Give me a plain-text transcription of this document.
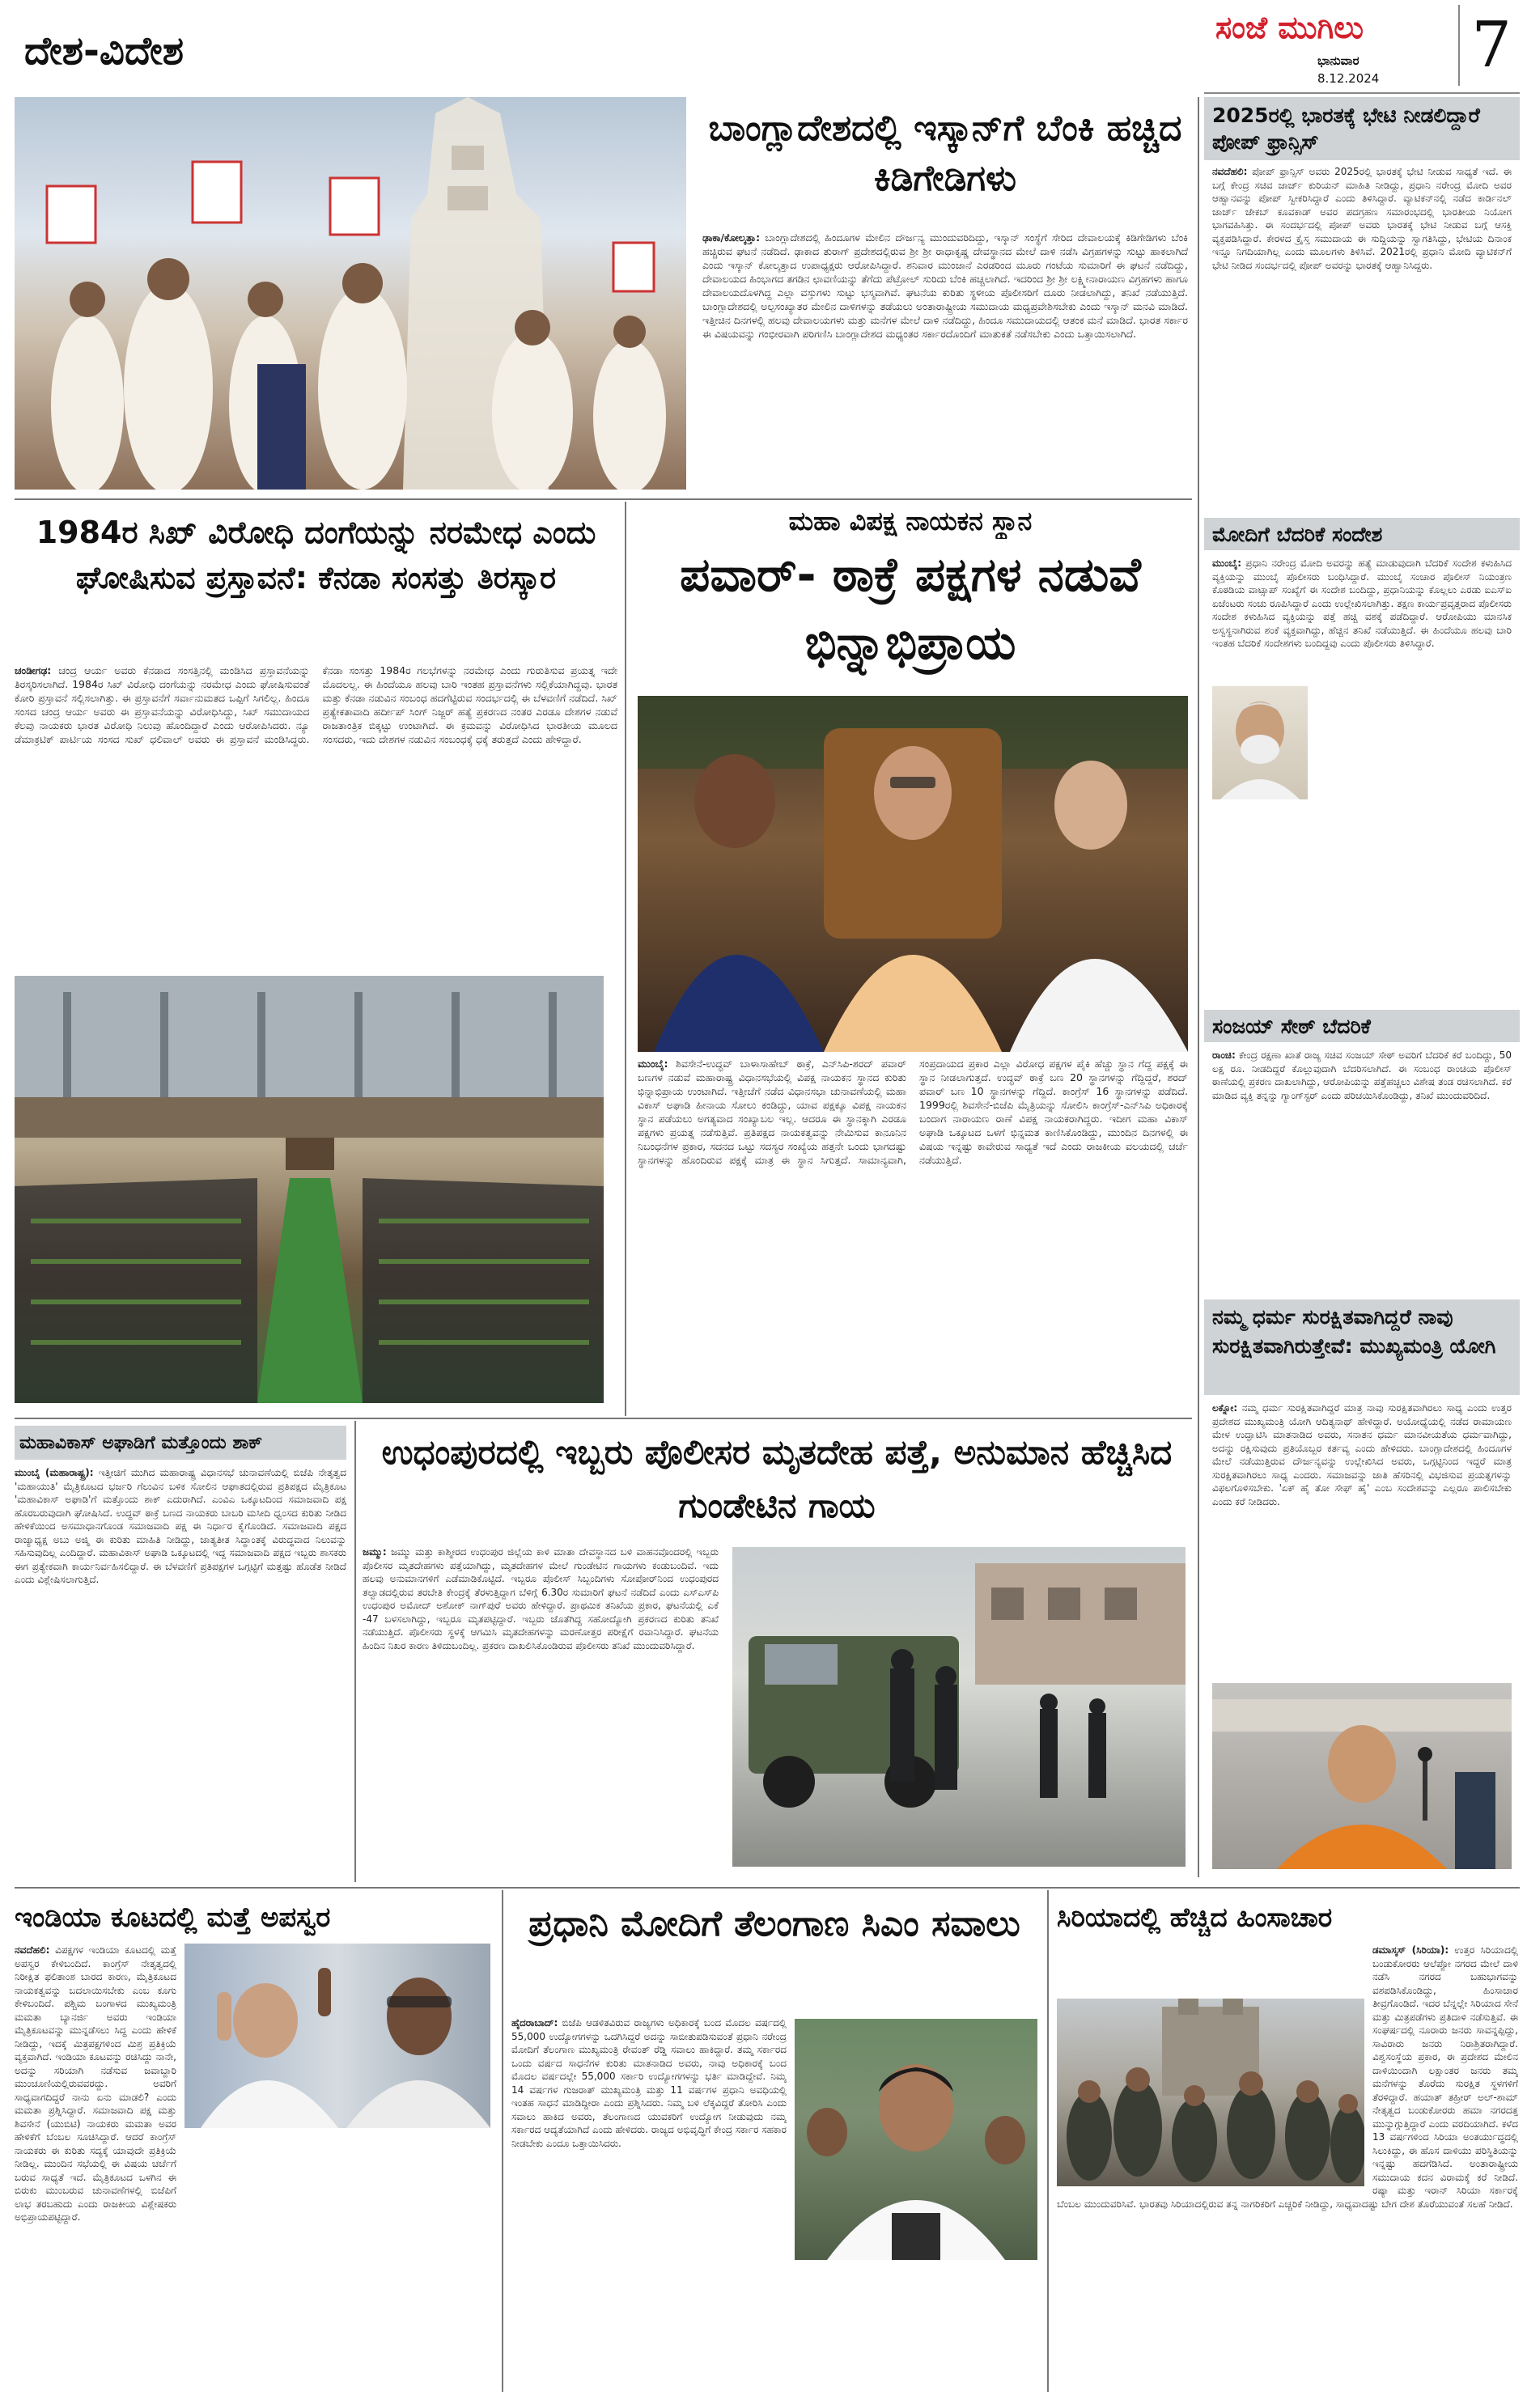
ದೇಶ-ವಿದೇಶ
ಸಂಜೆ ಮುಗಿಲು
ಭಾನುವಾರ
8.12.2024 7
ಬಾಂಗ್ಲಾದೇಶದಲ್ಲಿ ಇಸ್ಕಾನ್‌ಗೆ ಬೆಂಕಿ ಹಚ್ಚಿದ ಕಿಡಿಗೇಡಿಗಳು
ಢಾಕಾ/ಕೋಲ್ಕತ್ತಾ: ಬಾಂಗ್ಲಾದೇಶದಲ್ಲಿ ಹಿಂದೂಗಳ ಮೇಲಿನ ದೌರ್ಜನ್ಯ ಮುಂದುವರಿದಿದ್ದು, ಇಸ್ಕಾನ್ ಸಂಸ್ಥೆಗೆ ಸೇರಿದ ದೇವಾಲಯಕ್ಕೆ ಕಿಡಿಗೇಡಿಗಳು ಬೆಂಕಿ ಹಚ್ಚಿರುವ ಘಟನೆ ನಡೆದಿದೆ. ಢಾಕಾದ ತುರಾಗ್ ಪ್ರದೇಶದಲ್ಲಿರುವ ಶ್ರೀ ಶ್ರೀ ರಾಧಾಕೃಷ್ಣ ದೇವಸ್ಥಾನದ ಮೇಲೆ ದಾಳಿ ನಡೆಸಿ ವಿಗ್ರಹಗಳನ್ನು ಸುಟ್ಟು ಹಾಕಲಾಗಿದೆ ಎಂದು ಇಸ್ಕಾನ್ ಕೋಲ್ಕತ್ತಾದ ಉಪಾಧ್ಯಕ್ಷರು ಆರೋಪಿಸಿದ್ದಾರೆ. ಶನಿವಾರ ಮುಂಜಾನೆ ಎರಡರಿಂದ ಮೂರು ಗಂಟೆಯ ಸುಮಾರಿಗೆ ಈ ಘಟನೆ ನಡೆದಿದ್ದು, ದೇವಾಲಯದ ಹಿಂಭಾಗದ ತಗಡಿನ ಛಾವಣಿಯನ್ನು ತೆಗೆದು ಪೆಟ್ರೋಲ್ ಸುರಿದು ಬೆಂಕಿ ಹಚ್ಚಲಾಗಿದೆ. ಇದರಿಂದ ಶ್ರೀ ಶ್ರೀ ಲಕ್ಷ್ಮೀನಾರಾಯಣ ವಿಗ್ರಹಗಳು ಹಾಗೂ ದೇವಾಲಯದೊಳಗಿದ್ದ ಎಲ್ಲಾ ವಸ್ತುಗಳು ಸುಟ್ಟು ಭಸ್ಮವಾಗಿವೆ. ಘಟನೆಯ ಕುರಿತು ಸ್ಥಳೀಯ ಪೊಲೀಸರಿಗೆ ದೂರು ನೀಡಲಾಗಿದ್ದು, ತನಿಖೆ ನಡೆಯುತ್ತಿದೆ. ಬಾಂಗ್ಲಾದೇಶದಲ್ಲಿ ಅಲ್ಪಸಂಖ್ಯಾತರ ಮೇಲಿನ ದಾಳಿಗಳನ್ನು ತಡೆಯಲು ಅಂತಾರಾಷ್ಟ್ರೀಯ ಸಮುದಾಯ ಮಧ್ಯಪ್ರವೇಶಿಸಬೇಕು ಎಂದು ಇಸ್ಕಾನ್ ಮನವಿ ಮಾಡಿದೆ. ಇತ್ತೀಚಿನ ದಿನಗಳಲ್ಲಿ ಹಲವು ದೇವಾಲಯಗಳು ಮತ್ತು ಮನೆಗಳ ಮೇಲೆ ದಾಳಿ ನಡೆದಿದ್ದು, ಹಿಂದೂ ಸಮುದಾಯದಲ್ಲಿ ಆತಂಕ ಮನೆ ಮಾಡಿದೆ. ಭಾರತ ಸರ್ಕಾರ ಈ ವಿಷಯವನ್ನು ಗಂಭೀರವಾಗಿ ಪರಿಗಣಿಸಿ ಬಾಂಗ್ಲಾದೇಶದ ಮಧ್ಯಂತರ ಸರ್ಕಾರದೊಂದಿಗೆ ಮಾತುಕತೆ ನಡೆಸಬೇಕು ಎಂದು ಒತ್ತಾಯಿಸಲಾಗಿದೆ.
2025ರಲ್ಲಿ ಭಾರತಕ್ಕೆ ಭೇಟಿ ನೀಡಲಿದ್ದಾರೆ ಪೋಪ್ ಫ್ರಾನ್ಸಿಸ್
ನವದೆಹಲಿ: ಪೋಪ್ ಫ್ರಾನ್ಸಿಸ್ ಅವರು 2025ರಲ್ಲಿ ಭಾರತಕ್ಕೆ ಭೇಟಿ ನೀಡುವ ಸಾಧ್ಯತೆ ಇದೆ. ಈ ಬಗ್ಗೆ ಕೇಂದ್ರ ಸಚಿವ ಜಾರ್ಜ್ ಕುರಿಯನ್ ಮಾಹಿತಿ ನೀಡಿದ್ದು, ಪ್ರಧಾನಿ ನರೇಂದ್ರ ಮೋದಿ ಅವರ ಆಹ್ವಾನವನ್ನು ಪೋಪ್ ಸ್ವೀಕರಿಸಿದ್ದಾರೆ ಎಂದು ತಿಳಿಸಿದ್ದಾರೆ. ವ್ಯಾಟಿಕನ್‌ನಲ್ಲಿ ನಡೆದ ಕಾರ್ಡಿನಲ್ ಜಾರ್ಜ್ ಜೇಕಬ್ ಕೂವಕಾಡ್ ಅವರ ಪದಗ್ರಹಣ ಸಮಾರಂಭದಲ್ಲಿ ಭಾರತೀಯ ನಿಯೋಗ ಭಾಗವಹಿಸಿತ್ತು. ಈ ಸಂದರ್ಭದಲ್ಲಿ ಪೋಪ್ ಅವರು ಭಾರತಕ್ಕೆ ಭೇಟಿ ನೀಡುವ ಬಗ್ಗೆ ಆಸಕ್ತಿ ವ್ಯಕ್ತಪಡಿಸಿದ್ದಾರೆ. ಕೇರಳದ ಕ್ರೈಸ್ತ ಸಮುದಾಯ ಈ ಸುದ್ದಿಯನ್ನು ಸ್ವಾಗತಿಸಿದ್ದು, ಭೇಟಿಯ ದಿನಾಂಕ ಇನ್ನೂ ನಿಗದಿಯಾಗಿಲ್ಲ ಎಂದು ಮೂಲಗಳು ತಿಳಿಸಿವೆ. 2021ರಲ್ಲಿ ಪ್ರಧಾನಿ ಮೋದಿ ವ್ಯಾಟಿಕನ್‌ಗೆ ಭೇಟಿ ನೀಡಿದ ಸಂದರ್ಭದಲ್ಲಿ ಪೋಪ್ ಅವರನ್ನು ಭಾರತಕ್ಕೆ ಆಹ್ವಾನಿಸಿದ್ದರು.
ಮೋದಿಗೆ ಬೆದರಿಕೆ ಸಂದೇಶ
ಮುಂಬೈ: ಪ್ರಧಾನಿ ನರೇಂದ್ರ ಮೋದಿ ಅವರನ್ನು ಹತ್ಯೆ ಮಾಡುವುದಾಗಿ ಬೆದರಿಕೆ ಸಂದೇಶ ಕಳುಹಿಸಿದ ವ್ಯಕ್ತಿಯನ್ನು ಮುಂಬೈ ಪೊಲೀಸರು ಬಂಧಿಸಿದ್ದಾರೆ. ಮುಂಬೈ ಸಂಚಾರ ಪೊಲೀಸ್ ನಿಯಂತ್ರಣ ಕೊಠಡಿಯ ವಾಟ್ಸಾಪ್ ಸಂಖ್ಯೆಗೆ ಈ ಸಂದೇಶ ಬಂದಿದ್ದು, ಪ್ರಧಾನಿಯನ್ನು ಕೊಲ್ಲಲು ಎರಡು ಐಎಸ್‌ಐ ಏಜೆಂಟರು ಸಂಚು ರೂಪಿಸಿದ್ದಾರೆ ಎಂದು ಉಲ್ಲೇಖಿಸಲಾಗಿತ್ತು. ತಕ್ಷಣ ಕಾರ್ಯಪ್ರವೃತ್ತರಾದ ಪೊಲೀಸರು ಸಂದೇಶ ಕಳುಹಿಸಿದ ವ್ಯಕ್ತಿಯನ್ನು ಪತ್ತೆ ಹಚ್ಚಿ ವಶಕ್ಕೆ ಪಡೆದಿದ್ದಾರೆ. ಆರೋಪಿಯು ಮಾನಸಿಕ ಅಸ್ವಸ್ಥನಾಗಿರುವ ಶಂಕೆ ವ್ಯಕ್ತವಾಗಿದ್ದು, ಹೆಚ್ಚಿನ ತನಿಖೆ ನಡೆಯುತ್ತಿದೆ. ಈ ಹಿಂದೆಯೂ ಹಲವು ಬಾರಿ ಇಂತಹ ಬೆದರಿಕೆ ಸಂದೇಶಗಳು ಬಂದಿದ್ದವು ಎಂದು ಪೊಲೀಸರು ತಿಳಿಸಿದ್ದಾರೆ.
ಸಂಜಯ್ ಸೇಠ್ ಬೆದರಿಕೆ
ರಾಂಚಿ: ಕೇಂದ್ರ ರಕ್ಷಣಾ ಖಾತೆ ರಾಜ್ಯ ಸಚಿವ ಸಂಜಯ್ ಸೇಠ್ ಅವರಿಗೆ ಬೆದರಿಕೆ ಕರೆ ಬಂದಿದ್ದು, 50 ಲಕ್ಷ ರೂ. ನೀಡದಿದ್ದರೆ ಕೊಲ್ಲುವುದಾಗಿ ಬೆದರಿಸಲಾಗಿದೆ. ಈ ಸಂಬಂಧ ರಾಂಚಿಯ ಪೊಲೀಸ್ ಠಾಣೆಯಲ್ಲಿ ಪ್ರಕರಣ ದಾಖಲಾಗಿದ್ದು, ಆರೋಪಿಯನ್ನು ಪತ್ತೆಹಚ್ಚಲು ವಿಶೇಷ ತಂಡ ರಚಿಸಲಾಗಿದೆ. ಕರೆ ಮಾಡಿದ ವ್ಯಕ್ತಿ ತನ್ನನ್ನು ಗ್ಯಾಂಗ್‌ಸ್ಟರ್ ಎಂದು ಪರಿಚಯಿಸಿಕೊಂಡಿದ್ದು, ತನಿಖೆ ಮುಂದುವರಿದಿದೆ.
ನಮ್ಮ ಧರ್ಮ ಸುರಕ್ಷಿತವಾಗಿದ್ದರೆ ನಾವು ಸುರಕ್ಷಿತವಾಗಿರುತ್ತೇವೆ: ಮುಖ್ಯಮಂತ್ರಿ ಯೋಗಿ
ಲಕ್ನೋ: ನಮ್ಮ ಧರ್ಮ ಸುರಕ್ಷಿತವಾಗಿದ್ದರೆ ಮಾತ್ರ ನಾವು ಸುರಕ್ಷಿತವಾಗಿರಲು ಸಾಧ್ಯ ಎಂದು ಉತ್ತರ ಪ್ರದೇಶದ ಮುಖ್ಯಮಂತ್ರಿ ಯೋಗಿ ಆದಿತ್ಯನಾಥ್ ಹೇಳಿದ್ದಾರೆ. ಅಯೋಧ್ಯೆಯಲ್ಲಿ ನಡೆದ ರಾಮಾಯಣ ಮೇಳ ಉದ್ಘಾಟಿಸಿ ಮಾತನಾಡಿದ ಅವರು, ಸನಾತನ ಧರ್ಮ ಮಾನವೀಯತೆಯ ಧರ್ಮವಾಗಿದ್ದು, ಅದನ್ನು ರಕ್ಷಿಸುವುದು ಪ್ರತಿಯೊಬ್ಬರ ಕರ್ತವ್ಯ ಎಂದು ಹೇಳಿದರು. ಬಾಂಗ್ಲಾದೇಶದಲ್ಲಿ ಹಿಂದೂಗಳ ಮೇಲೆ ನಡೆಯುತ್ತಿರುವ ದೌರ್ಜನ್ಯವನ್ನು ಉಲ್ಲೇಖಿಸಿದ ಅವರು, ಒಗ್ಗಟ್ಟಿನಿಂದ ಇದ್ದರೆ ಮಾತ್ರ ಸುರಕ್ಷಿತವಾಗಿರಲು ಸಾಧ್ಯ ಎಂದರು. ಸಮಾಜವನ್ನು ಜಾತಿ ಹೆಸರಿನಲ್ಲಿ ವಿಭಜಿಸುವ ಪ್ರಯತ್ನಗಳನ್ನು ವಿಫಲಗೊಳಿಸಬೇಕು. 'ಏಕ್ ಹೈ ತೋ ಸೇಫ್ ಹೈ' ಎಂಬ ಸಂದೇಶವನ್ನು ಎಲ್ಲರೂ ಪಾಲಿಸಬೇಕು ಎಂದು ಕರೆ ನೀಡಿದರು.
1984ರ ಸಿಖ್ ವಿರೋಧಿ ದಂಗೆಯನ್ನು ನರಮೇಧ ಎಂದು ಘೋಷಿಸುವ ಪ್ರಸ್ತಾವನೆ: ಕೆನಡಾ ಸಂಸತ್ತು ತಿರಸ್ಕಾರ
ಚಂಡೀಗಢ: ಚಂದ್ರ ಆರ್ಯ ಅವರು ಕೆನಡಾದ ಸಂಸತ್ತಿನಲ್ಲಿ ಮಂಡಿಸಿದ ಪ್ರಸ್ತಾವನೆಯನ್ನು ತಿರಸ್ಕರಿಸಲಾಗಿದೆ. 1984ರ ಸಿಖ್ ವಿರೋಧಿ ದಂಗೆಯನ್ನು ನರಮೇಧ ಎಂದು ಘೋಷಿಸುವಂತೆ ಕೋರಿ ಪ್ರಸ್ತಾವನೆ ಸಲ್ಲಿಸಲಾಗಿತ್ತು. ಈ ಪ್ರಸ್ತಾವನೆಗೆ ಸರ್ವಾನುಮತದ ಒಪ್ಪಿಗೆ ಸಿಗಲಿಲ್ಲ. ಹಿಂದೂ ಸಂಸದ ಚಂದ್ರ ಆರ್ಯ ಅವರು ಈ ಪ್ರಸ್ತಾವನೆಯನ್ನು ವಿರೋಧಿಸಿದ್ದು, ಸಿಖ್ ಸಮುದಾಯದ ಕೆಲವು ನಾಯಕರು ಭಾರತ ವಿರೋಧಿ ನಿಲುವು ಹೊಂದಿದ್ದಾರೆ ಎಂದು ಆರೋಪಿಸಿದರು. ನ್ಯೂ ಡೆಮಾಕ್ರಟಿಕ್ ಪಾರ್ಟಿಯ ಸಂಸದ ಸುಖ್ ಧಲಿವಾಲ್ ಅವರು ಈ ಪ್ರಸ್ತಾವನೆ ಮಂಡಿಸಿದ್ದರು. ಕೆನಡಾ ಸಂಸತ್ತು 1984ರ ಗಲಭೆಗಳನ್ನು ನರಮೇಧ ಎಂದು ಗುರುತಿಸುವ ಪ್ರಯತ್ನ ಇದೇ ಮೊದಲಲ್ಲ. ಈ ಹಿಂದೆಯೂ ಹಲವು ಬಾರಿ ಇಂತಹ ಪ್ರಸ್ತಾವನೆಗಳು ಸಲ್ಲಿಕೆಯಾಗಿದ್ದವು. ಭಾರತ ಮತ್ತು ಕೆನಡಾ ನಡುವಿನ ಸಂಬಂಧ ಹದಗೆಟ್ಟಿರುವ ಸಂದರ್ಭದಲ್ಲಿ ಈ ಬೆಳವಣಿಗೆ ನಡೆದಿದೆ. ಸಿಖ್ ಪ್ರತ್ಯೇಕತಾವಾದಿ ಹರ್ದೀಪ್ ಸಿಂಗ್ ನಿಜ್ಜರ್ ಹತ್ಯೆ ಪ್ರಕರಣದ ನಂತರ ಎರಡೂ ದೇಶಗಳ ನಡುವೆ ರಾಜತಾಂತ್ರಿಕ ಬಿಕ್ಕಟ್ಟು ಉಂಟಾಗಿದೆ. ಈ ಕ್ರಮವನ್ನು ವಿರೋಧಿಸಿದ ಭಾರತೀಯ ಮೂಲದ ಸಂಸದರು, ಇದು ದೇಶಗಳ ನಡುವಿನ ಸಂಬಂಧಕ್ಕೆ ಧಕ್ಕೆ ತರುತ್ತದೆ ಎಂದು ಹೇಳಿದ್ದಾರೆ.
ಮಹಾ ವಿಪಕ್ಷ ನಾಯಕನ ಸ್ಥಾನ
ಪವಾರ್- ಠಾಕ್ರೆ ಪಕ್ಷಗಳ ನಡುವೆ ಭಿನ್ನಾಭಿಪ್ರಾಯ
ಮುಂಬೈ: ಶಿವಸೇನೆ-ಉದ್ಧವ್ ಬಾಳಾಸಾಹೇಬ್ ಠಾಕ್ರೆ, ಎನ್‌ಸಿಪಿ-ಶರದ್ ಪವಾರ್ ಬಣಗಳ ನಡುವೆ ಮಹಾರಾಷ್ಟ್ರ ವಿಧಾನಸಭೆಯಲ್ಲಿ ವಿಪಕ್ಷ ನಾಯಕನ ಸ್ಥಾನದ ಕುರಿತು ಭಿನ್ನಾಭಿಪ್ರಾಯ ಉಂಟಾಗಿದೆ. ಇತ್ತೀಚೆಗೆ ನಡೆದ ವಿಧಾನಸಭಾ ಚುನಾವಣೆಯಲ್ಲಿ ಮಹಾ ವಿಕಾಸ್ ಅಘಾಡಿ ಹೀನಾಯ ಸೋಲು ಕಂಡಿದ್ದು, ಯಾವ ಪಕ್ಷಕ್ಕೂ ವಿಪಕ್ಷ ನಾಯಕನ ಸ್ಥಾನ ಪಡೆಯಲು ಅಗತ್ಯವಾದ ಸಂಖ್ಯಾಬಲ ಇಲ್ಲ. ಆದರೂ ಈ ಸ್ಥಾನಕ್ಕಾಗಿ ಎರಡೂ ಪಕ್ಷಗಳು ಪ್ರಯತ್ನ ನಡೆಸುತ್ತಿವೆ. ಪ್ರತಿಪಕ್ಷದ ನಾಯಕತ್ವವನ್ನು ನೇಮಿಸುವ ಕಾನೂನಿನ ನಿಬಂಧನೆಗಳ ಪ್ರಕಾರ, ಸದನದ ಒಟ್ಟು ಸದಸ್ಯರ ಸಂಖ್ಯೆಯ ಹತ್ತನೇ ಒಂದು ಭಾಗದಷ್ಟು ಸ್ಥಾನಗಳನ್ನು ಹೊಂದಿರುವ ಪಕ್ಷಕ್ಕೆ ಮಾತ್ರ ಈ ಸ್ಥಾನ ಸಿಗುತ್ತದೆ. ಸಾಮಾನ್ಯವಾಗಿ, ಸಂಪ್ರದಾಯದ ಪ್ರಕಾರ ಎಲ್ಲಾ ವಿರೋಧ ಪಕ್ಷಗಳ ಪೈಕಿ ಹೆಚ್ಚು ಸ್ಥಾನ ಗೆದ್ದ ಪಕ್ಷಕ್ಕೆ ಈ ಸ್ಥಾನ ನೀಡಲಾಗುತ್ತದೆ. ಉದ್ಧವ್ ಠಾಕ್ರೆ ಬಣ 20 ಸ್ಥಾನಗಳನ್ನು ಗೆದ್ದಿದ್ದರೆ, ಶರದ್ ಪವಾರ್ ಬಣ 10 ಸ್ಥಾನಗಳನ್ನು ಗೆದ್ದಿದೆ. ಕಾಂಗ್ರೆಸ್ 16 ಸ್ಥಾನಗಳನ್ನು ಪಡೆದಿದೆ. 1999ರಲ್ಲಿ ಶಿವಸೇನೆ-ಬಿಜೆಪಿ ಮೈತ್ರಿಯನ್ನು ಸೋಲಿಸಿ ಕಾಂಗ್ರೆಸ್-ಎನ್‌ಸಿಪಿ ಅಧಿಕಾರಕ್ಕೆ ಬಂದಾಗ ನಾರಾಯಣ ರಾಣೆ ವಿಪಕ್ಷ ನಾಯಕರಾಗಿದ್ದರು. ಇದೀಗ ಮಹಾ ವಿಕಾಸ್ ಅಘಾಡಿ ಒಕ್ಕೂಟದ ಒಳಗೆ ಭಿನ್ನಮತ ಕಾಣಿಸಿಕೊಂಡಿದ್ದು, ಮುಂದಿನ ದಿನಗಳಲ್ಲಿ ಈ ವಿಷಯ ಇನ್ನಷ್ಟು ಕಾವೇರುವ ಸಾಧ್ಯತೆ ಇದೆ ಎಂದು ರಾಜಕೀಯ ವಲಯದಲ್ಲಿ ಚರ್ಚೆ ನಡೆಯುತ್ತಿದೆ.
ಮಹಾವಿಕಾಸ್ ಅಘಾಡಿಗೆ ಮತ್ತೊಂದು ಶಾಕ್
ಮುಂಬೈ (ಮಹಾರಾಷ್ಟ್ರ): ಇತ್ತೀಚಿಗೆ ಮುಗಿದ ಮಹಾರಾಷ್ಟ್ರ ವಿಧಾನಸಭೆ ಚುನಾವಣೆಯಲ್ಲಿ ಬಿಜೆಪಿ ನೇತೃತ್ವದ 'ಮಹಾಯುತಿ' ಮೈತ್ರಿಕೂಟದ ಭರ್ಜರಿ ಗೆಲುವಿನ ಬಳಿಕ ಸೋಲಿನ ಆಘಾತದಲ್ಲಿರುವ ಪ್ರತಿಪಕ್ಷದ ಮೈತ್ರಿಕೂಟ 'ಮಹಾವಿಕಾಸ್ ಅಘಾಡಿ'ಗೆ ಮತ್ತೊಂದು ಶಾಕ್ ಎದುರಾಗಿದೆ. ಎಂವಿಎ ಒಕ್ಕೂಟದಿಂದ ಸಮಾಜವಾದಿ ಪಕ್ಷ ಹೊರಬರುವುದಾಗಿ ಘೋಷಿಸಿದೆ. ಉದ್ಧವ್ ಠಾಕ್ರೆ ಬಣದ ನಾಯಕರು ಬಾಬರಿ ಮಸೀದಿ ಧ್ವಂಸದ ಕುರಿತು ನೀಡಿದ ಹೇಳಿಕೆಯಿಂದ ಅಸಮಾಧಾನಗೊಂಡ ಸಮಾಜವಾದಿ ಪಕ್ಷ ಈ ನಿರ್ಧಾರ ಕೈಗೊಂಡಿದೆ. ಸಮಾಜವಾದಿ ಪಕ್ಷದ ರಾಜ್ಯಾಧ್ಯಕ್ಷ ಅಬು ಅಜ್ಮಿ ಈ ಕುರಿತು ಮಾಹಿತಿ ನೀಡಿದ್ದು, ಜಾತ್ಯತೀತ ಸಿದ್ಧಾಂತಕ್ಕೆ ವಿರುದ್ಧವಾದ ನಿಲುವನ್ನು ಸಹಿಸುವುದಿಲ್ಲ ಎಂದಿದ್ದಾರೆ. ಮಹಾವಿಕಾಸ್ ಅಘಾಡಿ ಒಕ್ಕೂಟದಲ್ಲಿ ಇದ್ದ ಸಮಾಜವಾದಿ ಪಕ್ಷದ ಇಬ್ಬರು ಶಾಸಕರು ಈಗ ಪ್ರತ್ಯೇಕವಾಗಿ ಕಾರ್ಯನಿರ್ವಹಿಸಲಿದ್ದಾರೆ. ಈ ಬೆಳವಣಿಗೆ ಪ್ರತಿಪಕ್ಷಗಳ ಒಗ್ಗಟ್ಟಿಗೆ ಮತ್ತಷ್ಟು ಹೊಡೆತ ನೀಡಿದೆ ಎಂದು ವಿಶ್ಲೇಷಿಸಲಾಗುತ್ತಿದೆ.
ಉಧಂಪುರದಲ್ಲಿ ಇಬ್ಬರು ಪೊಲೀಸರ ಮೃತದೇಹ ಪತ್ತೆ, ಅನುಮಾನ ಹೆಚ್ಚಿಸಿದ ಗುಂಡೇಟಿನ ಗಾಯ
ಜಮ್ಮು: ಜಮ್ಮು ಮತ್ತು ಕಾಶ್ಮೀರದ ಉಧಂಪುರ ಜಿಲ್ಲೆಯ ಕಾಳಿ ಮಾತಾ ದೇವಸ್ಥಾನದ ಬಳಿ ವಾಹನವೊಂದರಲ್ಲಿ ಇಬ್ಬರು ಪೊಲೀಸರ ಮೃತದೇಹಗಳು ಪತ್ತೆಯಾಗಿದ್ದು, ಮೃತದೇಹಗಳ ಮೇಲೆ ಗುಂಡೇಟಿನ ಗಾಯಗಳು ಕಂಡುಬಂದಿವೆ. ಇದು ಹಲವು ಅನುಮಾನಗಳಿಗೆ ಎಡೆಮಾಡಿಕೊಟ್ಟಿದೆ. ಇಬ್ಬರೂ ಪೊಲೀಸ್ ಸಿಬ್ಬಂದಿಗಳು ಸೋಪೋರ್‌ನಿಂದ ಉಧಂಪುರದ ತಲ್ವಾಡದಲ್ಲಿರುವ ತರಬೇತಿ ಕೇಂದ್ರಕ್ಕೆ ತೆರಳುತ್ತಿದ್ದಾಗ ಬೆಳಿಗ್ಗೆ 6.30ರ ಸುಮಾರಿಗೆ ಘಟನೆ ನಡೆದಿದೆ ಎಂದು ಎಸ್‌ಎಸ್‌ಪಿ ಉಧಂಪುರ ಅಮೋದ್ ಅಶೋಕ್ ನಾಗ್‌ಪುರೆ ಅವರು ಹೇಳಿದ್ದಾರೆ. ಪ್ರಾಥಮಿಕ ತನಿಖೆಯ ಪ್ರಕಾರ, ಘಟನೆಯಲ್ಲಿ ಎಕೆ -47 ಬಳಸಲಾಗಿದ್ದು, ಇಬ್ಬರೂ ಮೃತಪಟ್ಟಿದ್ದಾರೆ. ಇಬ್ಬರು ಜೊತೆಗಿದ್ದ ಸಹೋದ್ಯೋಗಿ ಪ್ರಕರಣದ ಕುರಿತು ತನಿಖೆ ನಡೆಯುತ್ತಿದೆ. ಪೊಲೀಸರು ಸ್ಥಳಕ್ಕೆ ಆಗಮಿಸಿ ಮೃತದೇಹಗಳನ್ನು ಮರಣೋತ್ತರ ಪರೀಕ್ಷೆಗೆ ರವಾನಿಸಿದ್ದಾರೆ. ಘಟನೆಯ ಹಿಂದಿನ ನಿಖರ ಕಾರಣ ತಿಳಿದುಬಂದಿಲ್ಲ. ಪ್ರಕರಣ ದಾಖಲಿಸಿಕೊಂಡಿರುವ ಪೊಲೀಸರು ತನಿಖೆ ಮುಂದುವರಿಸಿದ್ದಾರೆ.
ಇಂಡಿಯಾ ಕೂಟದಲ್ಲಿ ಮತ್ತೆ ಅಪಸ್ವರ
ನವದೆಹಲಿ: ವಿಪಕ್ಷಗಳ ಇಂಡಿಯಾ ಕೂಟದಲ್ಲಿ ಮತ್ತೆ ಅಪಸ್ವರ ಕೇಳಿಬಂದಿದೆ. ಕಾಂಗ್ರೆಸ್ ನೇತೃತ್ವದಲ್ಲಿ ನಿರೀಕ್ಷಿತ ಫಲಿತಾಂಶ ಬಾರದ ಕಾರಣ, ಮೈತ್ರಿಕೂಟದ ನಾಯಕತ್ವವನ್ನು ಬದಲಾಯಿಸಬೇಕು ಎಂಬ ಕೂಗು ಕೇಳಿಬಂದಿದೆ. ಪಶ್ಚಿಮ ಬಂಗಾಳದ ಮುಖ್ಯಮಂತ್ರಿ ಮಮತಾ ಬ್ಯಾನರ್ಜಿ ಅವರು ಇಂಡಿಯಾ ಮೈತ್ರಿಕೂಟವನ್ನು ಮುನ್ನಡೆಸಲು ಸಿದ್ಧ ಎಂದು ಹೇಳಿಕೆ ನೀಡಿದ್ದು, ಇದಕ್ಕೆ ಮಿತ್ರಪಕ್ಷಗಳಿಂದ ಮಿಶ್ರ ಪ್ರತಿಕ್ರಿಯೆ ವ್ಯಕ್ತವಾಗಿದೆ. ಇಂಡಿಯಾ ಕೂಟವನ್ನು ರಚಿಸಿದ್ದು ನಾನೇ, ಅದನ್ನು ಸರಿಯಾಗಿ ನಡೆಸುವ ಜವಾಬ್ದಾರಿ ಮುಂಚೂಣಿಯಲ್ಲಿರುವವರದ್ದು. ಅವರಿಗೆ ಸಾಧ್ಯವಾಗದಿದ್ದರೆ ನಾನು ಏನು ಮಾಡಲಿ? ಎಂದು ಮಮತಾ ಪ್ರಶ್ನಿಸಿದ್ದಾರೆ. ಸಮಾಜವಾದಿ ಪಕ್ಷ ಮತ್ತು ಶಿವಸೇನೆ (ಯುಬಿಟಿ) ನಾಯಕರು ಮಮತಾ ಅವರ ಹೇಳಿಕೆಗೆ ಬೆಂಬಲ ಸೂಚಿಸಿದ್ದಾರೆ. ಆದರೆ ಕಾಂಗ್ರೆಸ್ ನಾಯಕರು ಈ ಕುರಿತು ಸದ್ಯಕ್ಕೆ ಯಾವುದೇ ಪ್ರತಿಕ್ರಿಯೆ ನೀಡಿಲ್ಲ. ಮುಂದಿನ ಸಭೆಯಲ್ಲಿ ಈ ವಿಷಯ ಚರ್ಚೆಗೆ ಬರುವ ಸಾಧ್ಯತೆ ಇದೆ. ಮೈತ್ರಿಕೂಟದ ಒಳಗಿನ ಈ ಬಿರುಕು ಮುಂಬರುವ ಚುನಾವಣೆಗಳಲ್ಲಿ ಬಿಜೆಪಿಗೆ ಲಾಭ ತರಬಹುದು ಎಂದು ರಾಜಕೀಯ ವಿಶ್ಲೇಷಕರು ಅಭಿಪ್ರಾಯಪಟ್ಟಿದ್ದಾರೆ.
ಪ್ರಧಾನಿ ಮೋದಿಗೆ ತೆಲಂಗಾಣ ಸಿಎಂ ಸವಾಲು
ಹೈದರಾಬಾದ್: ಬಿಜೆಪಿ ಆಡಳಿತವಿರುವ ರಾಜ್ಯಗಳು ಅಧಿಕಾರಕ್ಕೆ ಬಂದ ಮೊದಲ ವರ್ಷದಲ್ಲಿ 55,000 ಉದ್ಯೋಗಗಳನ್ನು ಒದಗಿಸಿದ್ದರೆ ಅದನ್ನು ಸಾಬೀತುಪಡಿಸುವಂತೆ ಪ್ರಧಾನಿ ನರೇಂದ್ರ ಮೋದಿಗೆ ತೆಲಂಗಾಣ ಮುಖ್ಯಮಂತ್ರಿ ರೇವಂತ್ ರೆಡ್ಡಿ ಸವಾಲು ಹಾಕಿದ್ದಾರೆ. ತಮ್ಮ ಸರ್ಕಾರದ ಒಂದು ವರ್ಷದ ಸಾಧನೆಗಳ ಕುರಿತು ಮಾತನಾಡಿದ ಅವರು, ನಾವು ಅಧಿಕಾರಕ್ಕೆ ಬಂದ ಮೊದಲ ವರ್ಷದಲ್ಲೇ 55,000 ಸರ್ಕಾರಿ ಉದ್ಯೋಗಗಳನ್ನು ಭರ್ತಿ ಮಾಡಿದ್ದೇವೆ. ನಿಮ್ಮ 14 ವರ್ಷಗಳ ಗುಜರಾತ್ ಮುಖ್ಯಮಂತ್ರಿ ಮತ್ತು 11 ವರ್ಷಗಳ ಪ್ರಧಾನಿ ಅವಧಿಯಲ್ಲಿ ಇಂತಹ ಸಾಧನೆ ಮಾಡಿದ್ದೀರಾ ಎಂದು ಪ್ರಶ್ನಿಸಿದರು. ನಿಮ್ಮ ಬಳಿ ಲೆಕ್ಕವಿದ್ದರೆ ತೋರಿಸಿ ಎಂದು ಸವಾಲು ಹಾಕಿದ ಅವರು, ತೆಲಂಗಾಣದ ಯುವಕರಿಗೆ ಉದ್ಯೋಗ ನೀಡುವುದು ನಮ್ಮ ಸರ್ಕಾರದ ಆದ್ಯತೆಯಾಗಿದೆ ಎಂದು ಹೇಳಿದರು. ರಾಜ್ಯದ ಅಭಿವೃದ್ಧಿಗೆ ಕೇಂದ್ರ ಸರ್ಕಾರ ಸಹಕಾರ ನೀಡಬೇಕು ಎಂದೂ ಒತ್ತಾಯಿಸಿದರು.
ಸಿರಿಯಾದಲ್ಲಿ ಹೆಚ್ಚಿದ ಹಿಂಸಾಚಾರ
ಡಮಾಸ್ಕಸ್ (ಸಿರಿಯಾ): ಉತ್ತರ ಸಿರಿಯಾದಲ್ಲಿ ಬಂಡುಕೋರರು ಆಲೆಪ್ಪೋ ನಗರದ ಮೇಲೆ ದಾಳಿ ನಡೆಸಿ ನಗರದ ಬಹುಭಾಗವನ್ನು ವಶಪಡಿಸಿಕೊಂಡಿದ್ದು, ಹಿಂಸಾಚಾರ ತೀವ್ರಗೊಂಡಿದೆ. ಇದರ ಬೆನ್ನಲ್ಲೇ ಸಿರಿಯಾದ ಸೇನೆ ಮತ್ತು ಮಿತ್ರಪಡೆಗಳು ಪ್ರತಿದಾಳಿ ನಡೆಸುತ್ತಿವೆ. ಈ ಸಂಘರ್ಷದಲ್ಲಿ ನೂರಾರು ಜನರು ಸಾವನ್ನಪ್ಪಿದ್ದು, ಸಾವಿರಾರು ಜನರು ನಿರಾಶ್ರಿತರಾಗಿದ್ದಾರೆ. ವಿಶ್ವಸಂಸ್ಥೆಯ ಪ್ರಕಾರ, ಈ ಪ್ರದೇಶದ ಮೇಲಿನ ದಾಳಿಯಿಂದಾಗಿ ಲಕ್ಷಾಂತರ ಜನರು ತಮ್ಮ ಮನೆಗಳನ್ನು ತೊರೆದು ಸುರಕ್ಷಿತ ಸ್ಥಳಗಳಿಗೆ ತೆರಳಿದ್ದಾರೆ. ಹಯಾತ್ ತಹ್ರೀರ್ ಅಲ್-ಶಾಮ್ ನೇತೃತ್ವದ ಬಂಡುಕೋರರು ಹಮಾ ನಗರದತ್ತ ಮುನ್ನುಗ್ಗುತ್ತಿದ್ದಾರೆ ಎಂದು ವರದಿಯಾಗಿದೆ. ಕಳೆದ 13 ವರ್ಷಗಳಿಂದ ಸಿರಿಯಾ ಅಂತರ್ಯುದ್ಧದಲ್ಲಿ ಸಿಲುಕಿದ್ದು, ಈ ಹೊಸ ದಾಳಿಯು ಪರಿಸ್ಥಿತಿಯನ್ನು ಇನ್ನಷ್ಟು ಹದಗೆಡಿಸಿದೆ. ಅಂತಾರಾಷ್ಟ್ರೀಯ ಸಮುದಾಯ ಕದನ ವಿರಾಮಕ್ಕೆ ಕರೆ ನೀಡಿದೆ. ರಷ್ಯಾ ಮತ್ತು ಇರಾನ್ ಸಿರಿಯಾ ಸರ್ಕಾರಕ್ಕೆ ಬೆಂಬಲ ಮುಂದುವರಿಸಿವೆ. ಭಾರತವು ಸಿರಿಯಾದಲ್ಲಿರುವ ತನ್ನ ನಾಗರಿಕರಿಗೆ ಎಚ್ಚರಿಕೆ ನೀಡಿದ್ದು, ಸಾಧ್ಯವಾದಷ್ಟು ಬೇಗ ದೇಶ ತೊರೆಯುವಂತೆ ಸಲಹೆ ನೀಡಿದೆ.
